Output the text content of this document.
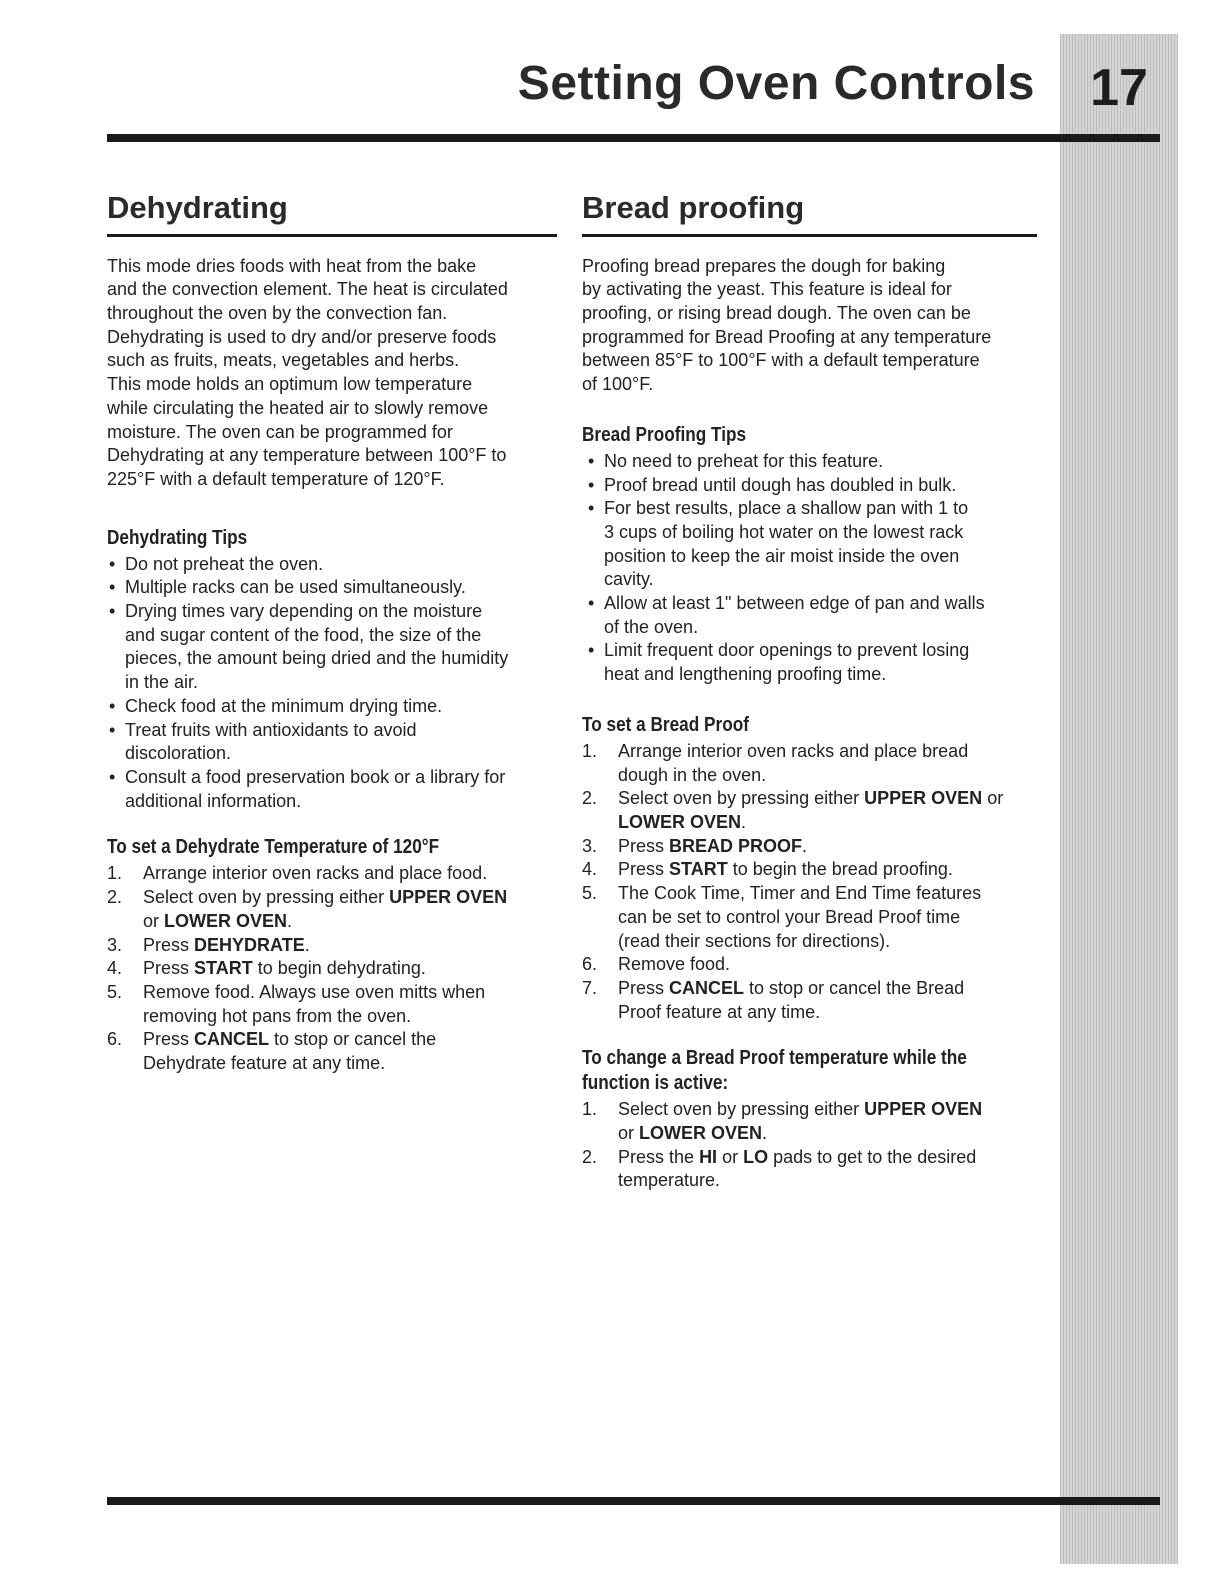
Setting Oven Controls	17
Dehydrating

This mode dries foods with heat from the bake
and the convection element. The heat is circulated
throughout the oven by the convection fan.
Dehydrating is used to dry and/or preserve foods
such as fruits, meats, vegetables and herbs.
This mode holds an optimum low temperature
while circulating the heated air to slowly remove
moisture. The oven can be programmed for
Dehydrating at any temperature between 100°F to
225°F with a default temperature of 120°F.

Dehydrating Tips
• Do not preheat the oven.
• Multiple racks can be used simultaneously.
• Drying times vary depending on the moisture
and sugar content of the food, the size of the
pieces, the amount being dried and the humidity
in the air.
• Check food at the minimum drying time.
• Treat fruits with antioxidants to avoid
discoloration.
• Consult a food preservation book or a library for
additional information.
To set a Dehydrate Temperature of 120°F
1. Arrange interior oven racks and place food.
2. Select oven by pressing either UPPER OVEN
or LOWER OVEN.
3. Press DEHYDRATE.
4. Press START to begin dehydrating.
5. Remove food. Always use oven mitts when
removing hot pans from the oven.
6. Press CANCEL to stop or cancel the
Dehydrate feature at any time.
Bread proofing

Proofing bread prepares the dough for baking
by activating the yeast. This feature is ideal for
proofing, or rising bread dough. The oven can be
programmed for Bread Proofing at any temperature
between 85°F to 100°F with a default temperature
of 100°F.

Bread Proofing Tips
• No need to preheat for this feature.
• Proof bread until dough has doubled in bulk.
• For best results, place a shallow pan with 1 to
3 cups of boiling hot water on the lowest rack
position to keep the air moist inside the oven
cavity.
• Allow at least 1" between edge of pan and walls
of the oven.
• Limit frequent door openings to prevent losing
heat and lengthening proofing time.
To set a Bread Proof
1. Arrange interior oven racks and place bread
dough in the oven.
2. Select oven by pressing either UPPER OVEN or
LOWER OVEN.
3. Press BREAD PROOF.
4. Press START to begin the bread proofing.
5. The Cook Time, Timer and End Time features
can be set to control your Bread Proof time
(read their sections for directions).
6. Remove food.
7. Press CANCEL to stop or cancel the Bread
Proof feature at any time.
To change a Bread Proof temperature while the
function is active:
1. Select oven by pressing either UPPER OVEN
or LOWER OVEN.
2. Press the HI or LO pads to get to the desired
temperature.
